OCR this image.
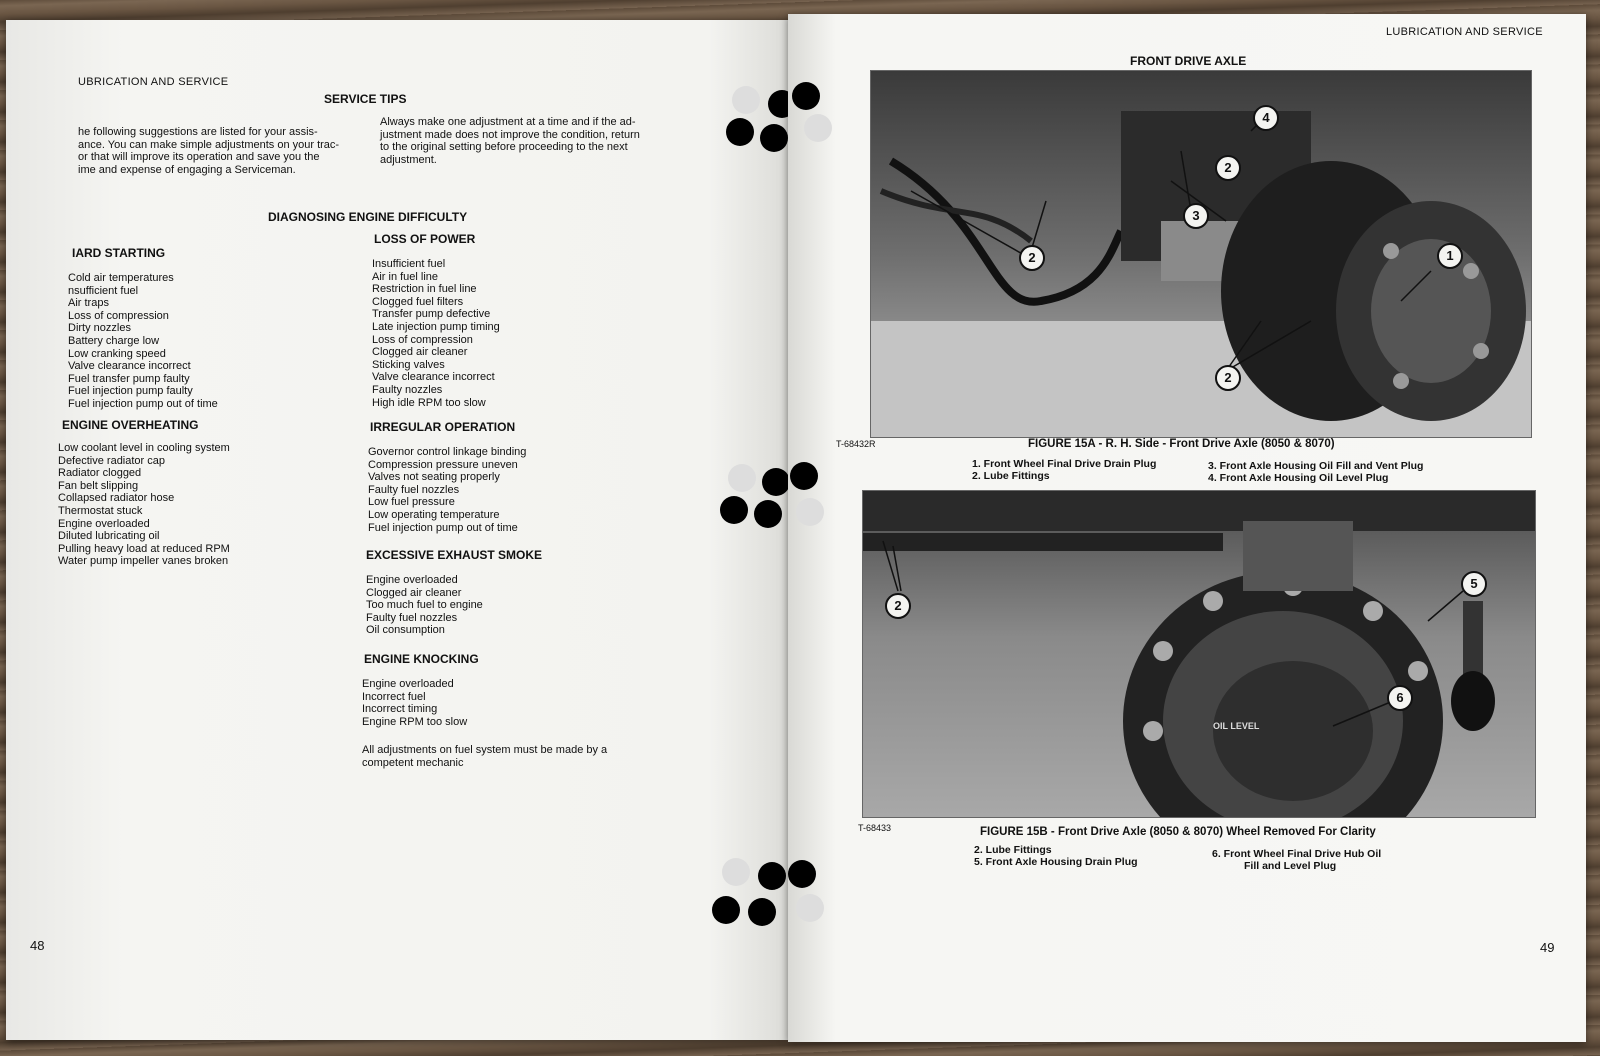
UBRICATION AND SERVICE
SERVICE TIPS
he following suggestions are listed for your assis-
ance. You can make simple adjustments on your trac-
or that will improve its operation and save you the
ime and expense of engaging a Serviceman.
Always make one adjustment at a time and if the ad-
justment made does not improve the condition, return
to the original setting before proceeding to the next
adjustment.
DIAGNOSING ENGINE DIFFICULTY
IARD STARTING
Cold air temperatures
nsufficient fuel
Air traps
Loss of compression
Dirty nozzles
Battery charge low
Low cranking speed
Valve clearance incorrect
Fuel transfer pump faulty
Fuel injection pump faulty
Fuel injection pump out of time
ENGINE OVERHEATING
Low coolant level in cooling system
Defective radiator cap
Radiator clogged
Fan belt slipping
Collapsed radiator hose
Thermostat stuck
Engine overloaded
Diluted lubricating oil
Pulling heavy load at reduced RPM
Water pump impeller vanes broken
LOSS OF POWER
Insufficient fuel
Air in fuel line
Restriction in fuel line
Clogged fuel filters
Transfer pump defective
Late injection pump timing
Loss of compression
Clogged air cleaner
Sticking valves
Valve clearance incorrect
Faulty nozzles
High idle RPM too slow
IRREGULAR OPERATION
Governor control linkage binding
Compression pressure uneven
Valves not seating properly
Faulty fuel nozzles
Low fuel pressure
Low operating temperature
Fuel injection pump out of time
EXCESSIVE EXHAUST SMOKE
Engine overloaded
Clogged air cleaner
Too much fuel to engine
Faulty fuel nozzles
Oil consumption
ENGINE KNOCKING
Engine overloaded
Incorrect fuel
Incorrect timing
Engine RPM too slow
All adjustments on fuel system must be made by a
competent mechanic
48
LUBRICATION AND SERVICE
FRONT DRIVE AXLE
1
2
2
2
3
4
T-68432R	FIGURE 15A - R. H. Side - Front Drive Axle (8050 & 8070)
1. Front Wheel Final Drive Drain Plug
2. Lube Fittings
3. Front Axle Housing Oil Fill and Vent Plug
4. Front Axle Housing Oil Level Plug
OIL LEVEL
2
5
6
T-68433	FIGURE 15B - Front Drive Axle (8050 & 8070) Wheel Removed For Clarity
2. Lube Fittings
5. Front Axle Housing Drain Plug
6. Front Wheel Final Drive Hub Oil
Fill and Level Plug
49
